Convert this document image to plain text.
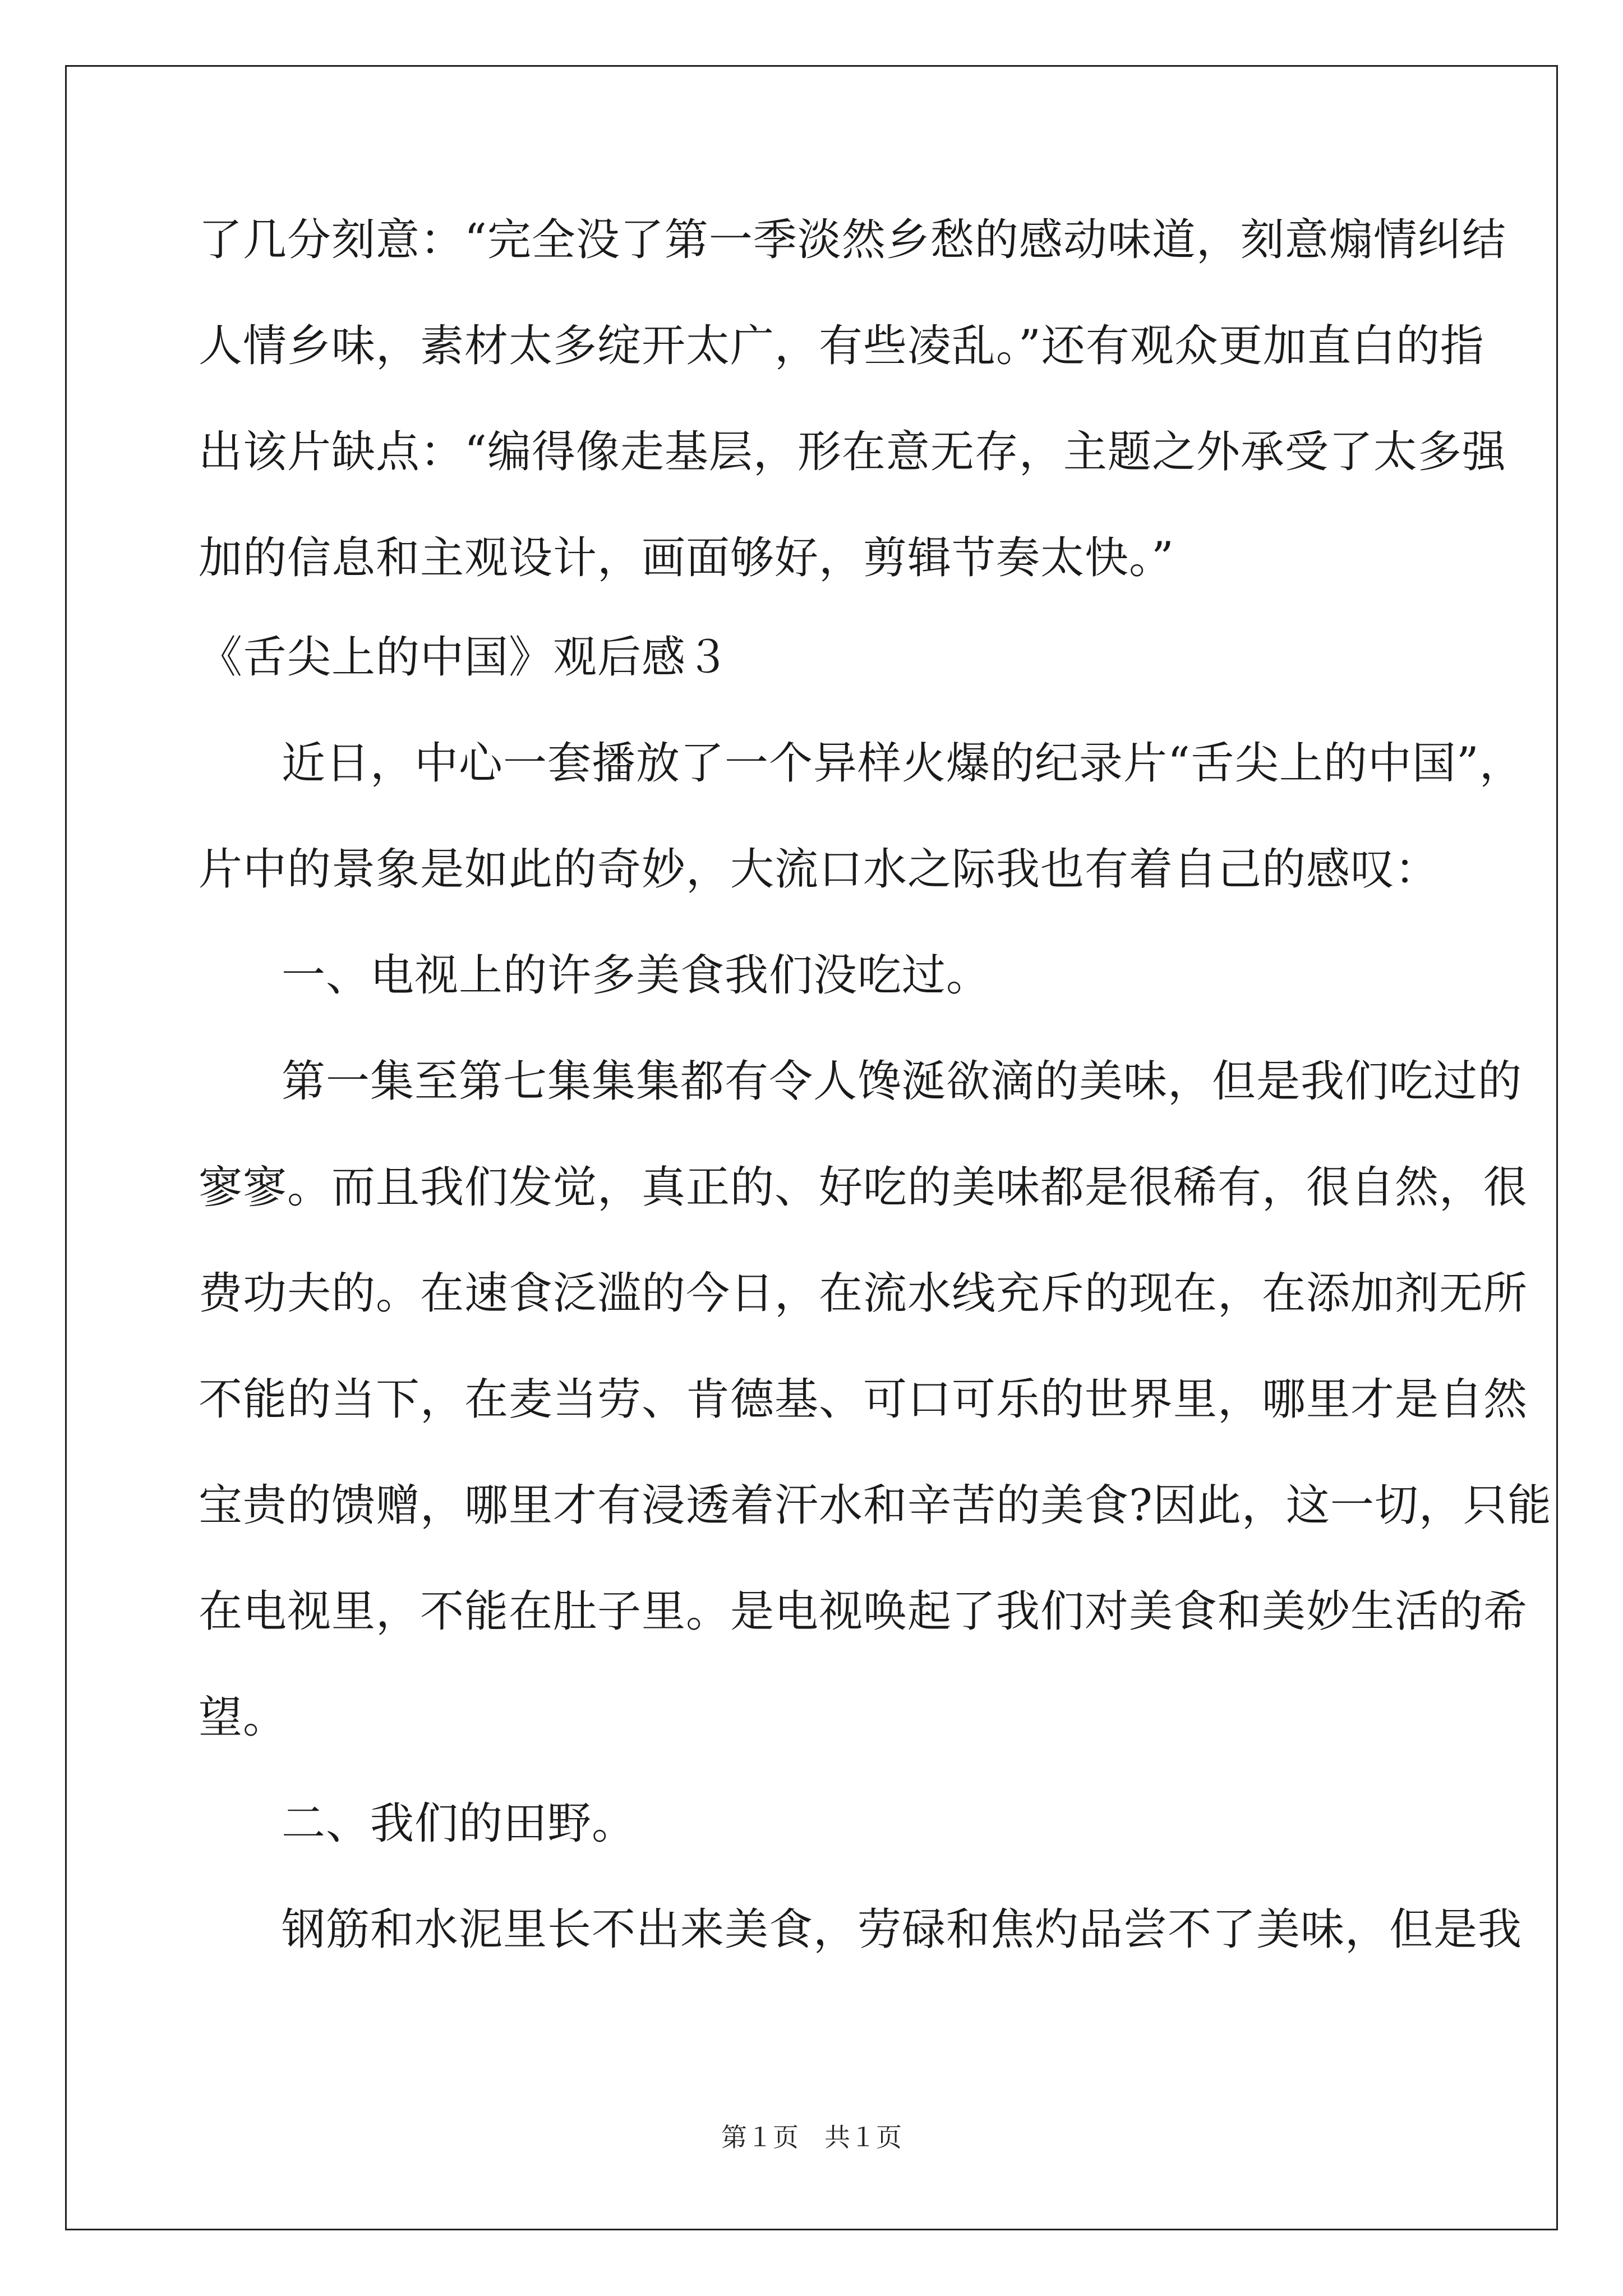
了几分刻意：“完全没了第一季淡然乡愁的感动味道，刻意煽情纠结
人情乡味，素材太多绽开太广，有些凌乱。”还有观众更加直白的指
出该片缺点：“编得像走基层，形在意无存，主题之外承受了太多强
加的信息和主观设计，画面够好，剪辑节奏太快。”
《舌尖上的中国》观后感３
近日，中心一套播放了一个异样火爆的纪录片“舌尖上的中国”，
片中的景象是如此的奇妙，大流口水之际我也有着自己的感叹：
一、电视上的许多美食我们没吃过。
第一集至第七集集集都有令人馋涎欲滴的美味，但是我们吃过的
寥寥。而且我们发觉，真正的、好吃的美味都是很稀有，很自然，很
费功夫的。在速食泛滥的今日，在流水线充斥的现在，在添加剂无所
不能的当下，在麦当劳、肯德基、可口可乐的世界里，哪里才是自然
宝贵的馈赠，哪里才有浸透着汗水和辛苦的美食?因此，这一切，只能
在电视里，不能在肚子里。是电视唤起了我们对美食和美妙生活的希
望。
二、我们的田野。
钢筋和水泥里长不出来美食，劳碌和焦灼品尝不了美味，但是我
第１页　共１页
